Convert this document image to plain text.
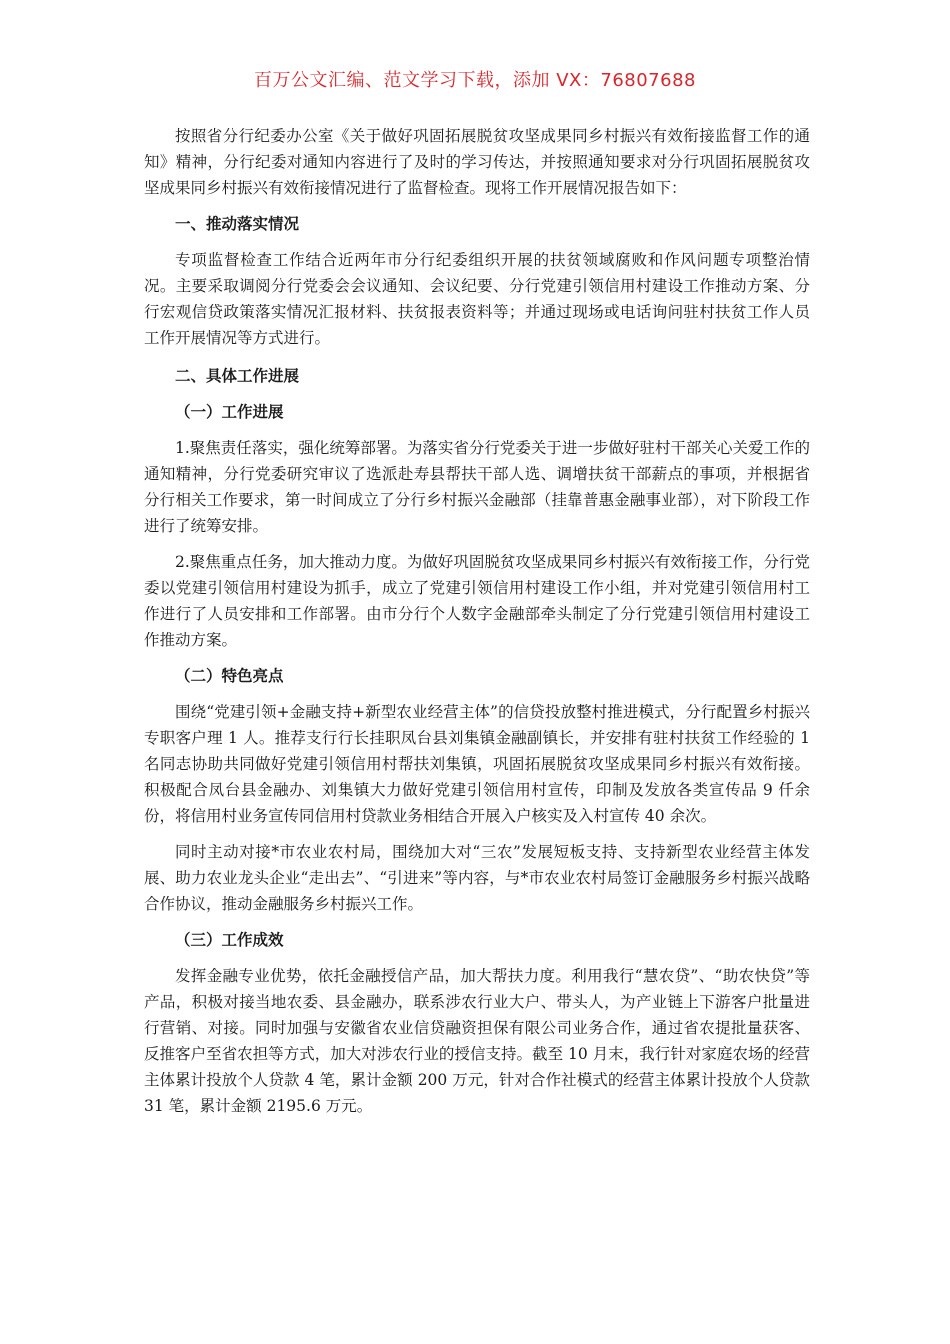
百万公文汇编、范文学习下载，添加 VX：76807688

按照省分行纪委办公室《关于做好巩固拓展脱贫攻坚成果同乡村振兴有效衔接监督工作的通知》精神，分行纪委对通知内容进行了及时的学习传达，并按照通知要求对分行巩固拓展脱贫攻坚成果同乡村振兴有效衔接情况进行了监督检查。现将工作开展情况报告如下：

一、推动落实情况

专项监督检查工作结合近两年市分行纪委组织开展的扶贫领域腐败和作风问题专项整治情况。主要采取调阅分行党委会会议通知、会议纪要、分行党建引领信用村建设工作推动方案、分行宏观信贷政策落实情况汇报材料、扶贫报表资料等；并通过现场或电话询问驻村扶贫工作人员工作开展情况等方式进行。

二、具体工作进展
（一）工作进展

1.聚焦责任落实，强化统筹部署。为落实省分行党委关于进一步做好驻村干部关心关爱工作的通知精神，分行党委研究审议了选派赴寿县帮扶干部人选、调增扶贫干部薪点的事项，并根据省分行相关工作要求，第一时间成立了分行乡村振兴金融部（挂靠普惠金融事业部），对下阶段工作进行了统筹安排。

2.聚焦重点任务，加大推动力度。为做好巩固脱贫攻坚成果同乡村振兴有效衔接工作，分行党委以党建引领信用村建设为抓手，成立了党建引领信用村建设工作小组，并对党建引领信用村工作进行了人员安排和工作部署。由市分行个人数字金融部牵头制定了分行党建引领信用村建设工作推动方案。

（二）特色亮点

围绕“党建引领+金融支持+新型农业经营主体”的信贷投放整村推进模式，分行配置乡村振兴专职客户理 1 人。推荐支行行长挂职凤台县刘集镇金融副镇长，并安排有驻村扶贫工作经验的 1 名同志协助共同做好党建引领信用村帮扶刘集镇，巩固拓展脱贫攻坚成果同乡村振兴有效衔接。积极配合凤台县金融办、刘集镇大力做好党建引领信用村宣传，印制及发放各类宣传品 9 仟余份，将信用村业务宣传同信用村贷款业务相结合开展入户核实及入村宣传 40 余次。

同时主动对接*市农业农村局，围绕加大对“三农”发展短板支持、支持新型农业经营主体发展、助力农业龙头企业“走出去”、“引进来”等内容，与*市农业农村局签订金融服务乡村振兴战略合作协议，推动金融服务乡村振兴工作。

（三）工作成效

发挥金融专业优势，依托金融授信产品，加大帮扶力度。利用我行“慧农贷”、“助农快贷”等产品，积极对接当地农委、县金融办，联系涉农行业大户、带头人，为产业链上下游客户批量进行营销、对接。同时加强与安徽省农业信贷融资担保有限公司业务合作，通过省农提批量获客、反推客户至省农担等方式，加大对涉农行业的授信支持。截至 10 月末，我行针对家庭农场的经营主体累计投放个人贷款 4 笔，累计金额 200 万元，针对合作社模式的经营主体累计投放个人贷款 31 笔，累计金额 2195.6 万元。
